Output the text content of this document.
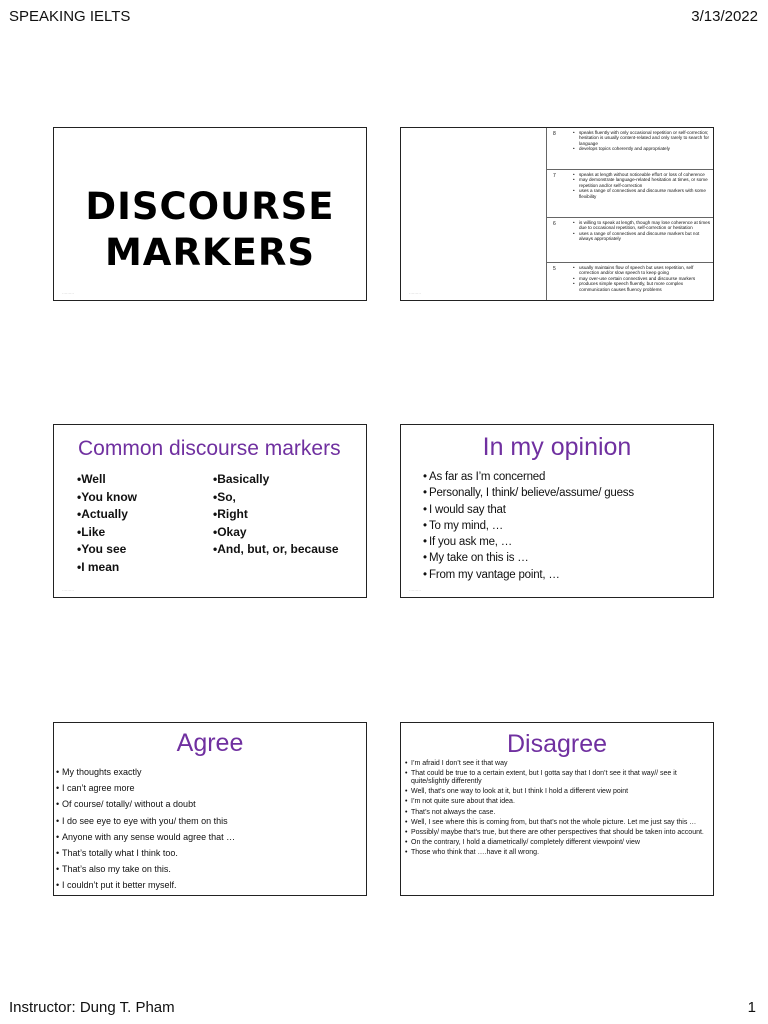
SPEAKING IELTS	3/13/2022
DISCOURSE
MARKERS
·········
8	• speaks fluently with only occasional repetition or self-correction; hesitation is usually content-related and only rarely to search for language
• develops topics coherently and appropriately
7	• speaks at length without noticeable effort or loss of coherence
• may demonstrate language-related hesitation at times, or some repetition and/or self-correction
• uses a range of connectives and discourse markers with some flexibility
6	• is willing to speak at length, though may lose coherence at times due to occasional repetition, self-correction or hesitation
• uses a range of connectives and discourse markers but not always appropriately
5	• usually maintains flow of speech but uses repetition, self correction and/or slow speech to keep going
• may over-use certain connectives and discourse markers
• produces simple speech fluently, but more complex communication causes fluency problems
·········
Common discourse markers
•Well
•You know
•Actually
•Like
•You see
•I mean
•Basically
•So,
•Right
•Okay
•And, but, or, because
·········
In my opinion
• As far as I’m concerned
• Personally, I think/ believe/assume/ guess
• I would say that
• To my mind, …
• If you ask me, …
• My take on this is …
• From my vantage point, …
·········
Agree
• My thoughts exactly
• I can’t agree more
• Of course/ totally/ without a doubt
• I do see eye to eye with you/ them on this
• Anyone with any sense would agree that …
• That’s totally what I think too.
• That’s also my take on this.
• I couldn’t put it better myself.
Disagree
• I’m afraid I don’t see it that way
• That could be true to a certain extent, but I gotta say that I don’t see it that way// see it quite/slightly differently
• Well, that’s one way to look at it, but I think I hold a different view point
• I’m not quite sure about that idea.
• That’s not always the case.
• Well, I see where this is coming from, but that’s not the whole picture. Let me just say this …
• Possibly/ maybe that’s true, but there are other perspectives that should be taken into account.
• On the contrary, I hold a diametrically/ completely different viewpoint/ view
• Those who think that ….have it all wrong.
Instructor: Dung T. Pham	1
